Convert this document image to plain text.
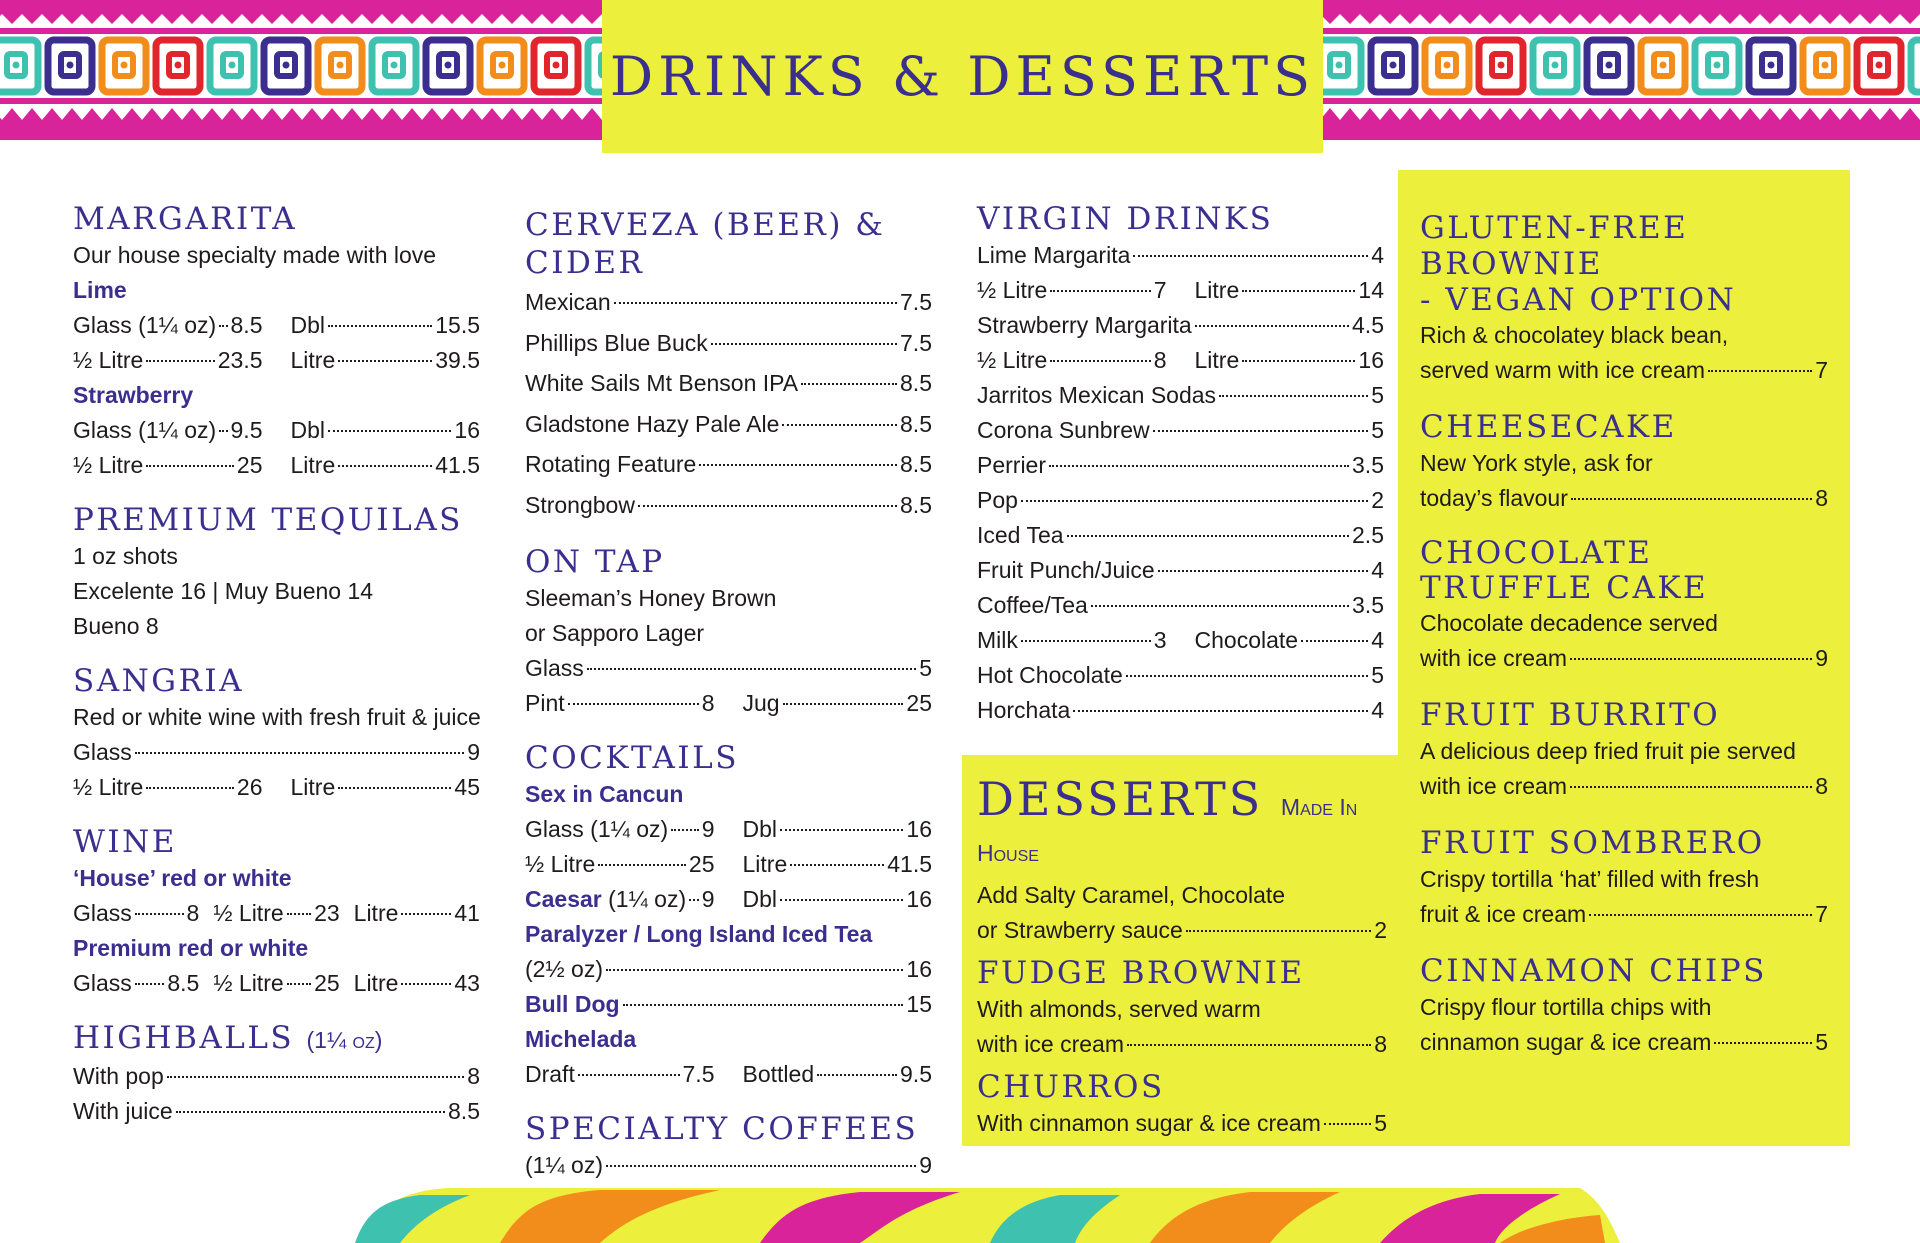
DRINKS & DESSERTS
MARGARITA
Our house specialty made with love
Lime
Glass (1¼ oz) 8.5 Dbl	15.5
½ Litre	23.5 Litre	39.5
Strawberry
Glass (1¼ oz) 9.5 Dbl	16
½ Litre	25 Litre	41.5
PREMIUM TEQUILAS
1 oz shots
Excelente 16 | Muy Bueno 14
Bueno 8
SANGRIA
Red or white wine with fresh fruit & juice
Glass	9
½ Litre	26 Litre	45
WINE
‘House’ red or white
Glass 8 ½ Litre 23 Litre 41
Premium red or white
Glass 8.5 ½ Litre 25 Litre 43
HIGHBALLS (1¼ oz)
With pop	8
With juice	8.5
CERVEZA (BEER) & CIDER
Mexican	7.5
Phillips Blue Buck	7.5
White Sails Mt Benson IPA	8.5
Gladstone Hazy Pale Ale	8.5
Rotating Feature	8.5
Strongbow	8.5
ON TAP
Sleeman’s Honey Brown
or Sapporo Lager
Glass	5
Pint	8 Jug	25
COCKTAILS
Sex in Cancun
Glass (1¼ oz) 9 Dbl	16
½ Litre	25 Litre	41.5
Caesar
(1¼ oz) 9 Dbl	16
Paralyzer / Long Island Iced Tea
(2½ oz)	16
Bull Dog	15
Michelada
Draft	7.5 Bottled	9.5
SPECIALTY COFFEES
(1¼ oz)	9
VIRGIN DRINKS
Lime Margarita	4
½ Litre	7 Litre	14
Strawberry Margarita	4.5
½ Litre	8 Litre	16
Jarritos Mexican Sodas	5
Corona Sunbrew	5
Perrier	3.5
Pop	2
Iced Tea	2.5
Fruit Punch/Juice	4
Coffee/Tea	3.5
Milk	3 Chocolate	4
Hot Chocolate	5
Horchata	4
DESSERTS Made In House
Add Salty Caramel, Chocolate
or Strawberry sauce	2
FUDGE BROWNIE
With almonds, served warm
with ice cream	8
CHURROS
With cinnamon sugar & ice cream 5
GLUTEN-FREE BROWNIE
- VEGAN OPTION
Rich & chocolatey black bean,
served warm with ice cream	7
CHEESECAKE
New York style, ask for
today’s flavour	8
CHOCOLATE
TRUFFLE CAKE
Chocolate decadence served
with ice cream	9
FRUIT BURRITO
A delicious deep fried fruit pie served
with ice cream	8
FRUIT SOMBRERO
Crispy tortilla ‘hat’ filled with fresh
fruit & ice cream	7
CINNAMON CHIPS
Crispy flour tortilla chips with
cinnamon sugar & ice cream	5
